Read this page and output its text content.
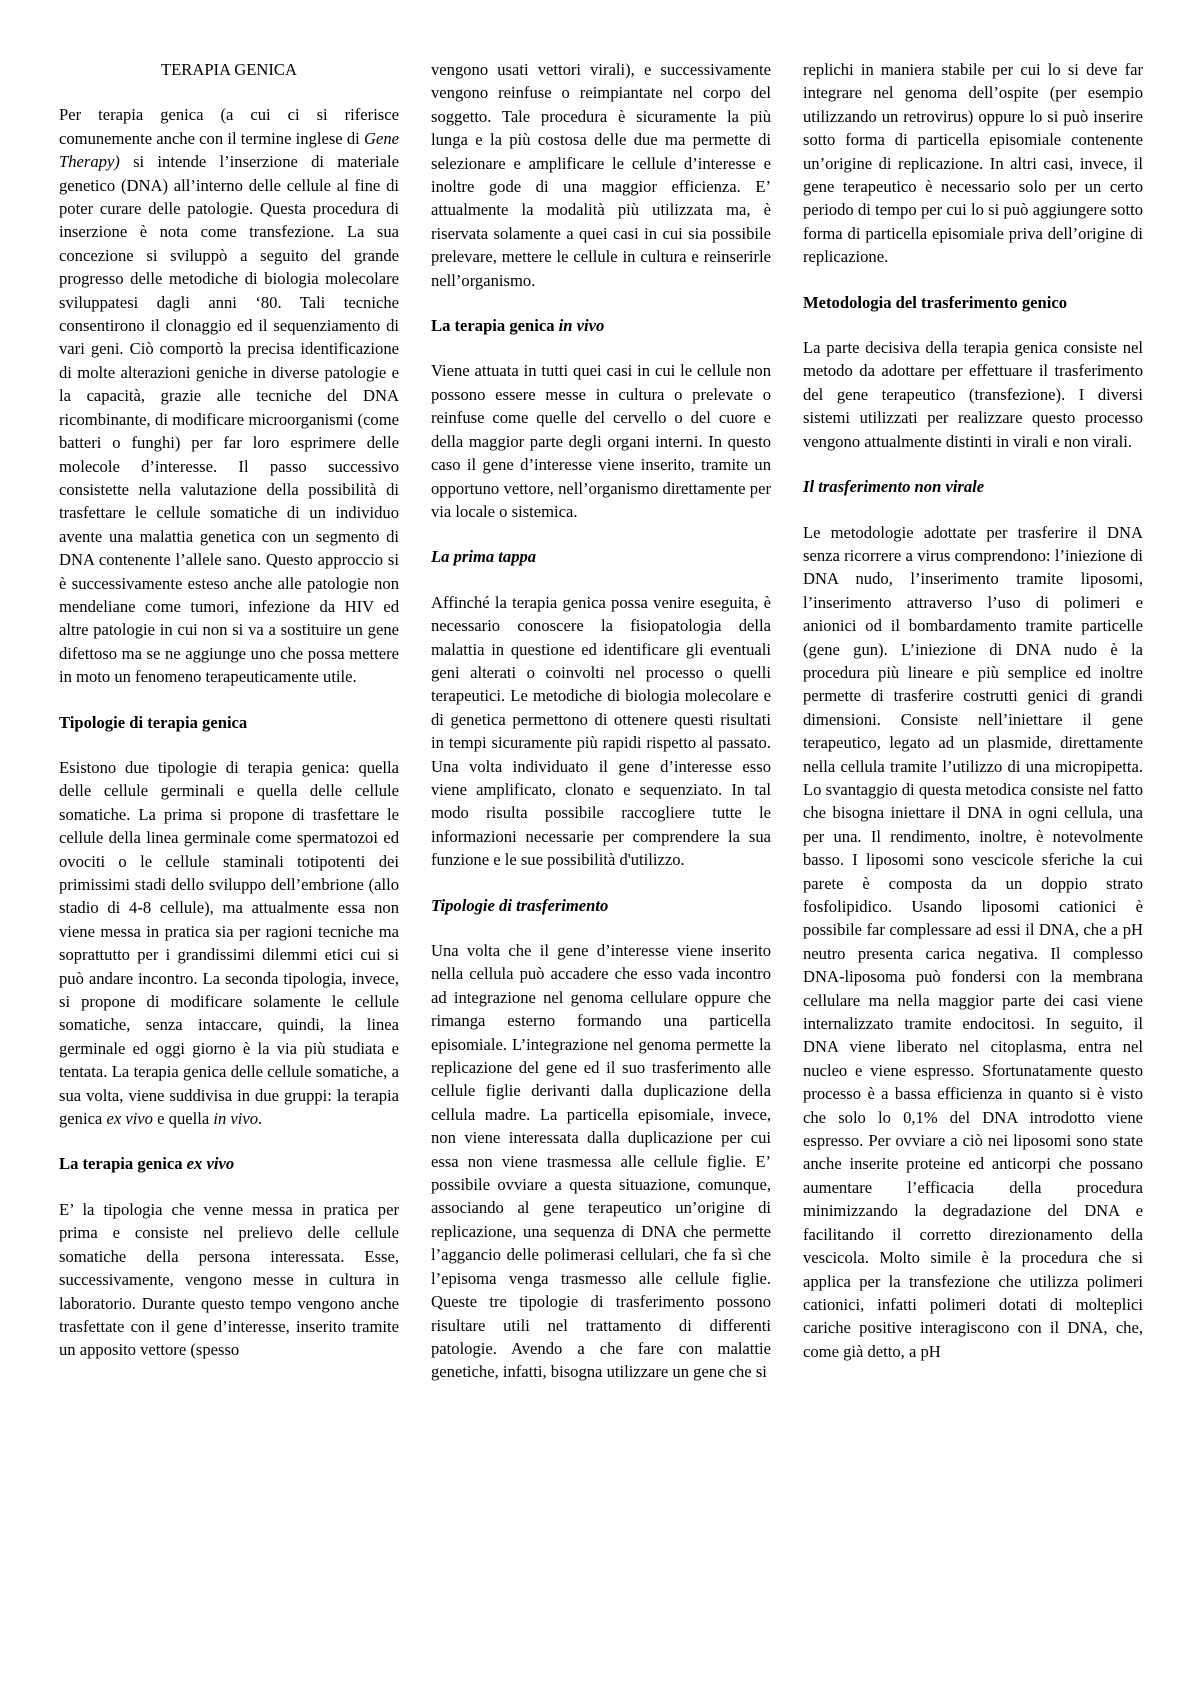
TERAPIA GENICA

Per terapia genica (a cui ci si riferisce comunemente anche con il termine inglese di Gene Therapy) si intende l’inserzione di materiale genetico (DNA) all’interno delle cellule al fine di poter curare delle patologie. Questa procedura di inserzione è nota come transfezione. La sua concezione si sviluppò a seguito del grande progresso delle metodiche di biologia molecolare sviluppatesi dagli anni ‘80. Tali tecniche consentirono il clonaggio ed il sequenziamento di vari geni. Ciò comportò la precisa identificazione di molte alterazioni geniche in diverse patologie e la capacità, grazie alle tecniche del DNA ricombinante, di modificare microorganismi (come batteri o funghi) per far loro esprimere delle molecole d’interesse. Il passo successivo consistette nella valutazione della possibilità di trasfettare le cellule somatiche di un individuo avente una malattia genetica con un segmento di DNA contenente l’allele sano. Questo approccio si è successivamente esteso anche alle patologie non mendeliane come tumori, infezione da HIV ed altre patologie in cui non si va a sostituire un gene difettoso ma se ne aggiunge uno che possa mettere in moto un fenomeno terapeuticamente utile.

Tipologie di terapia genica

Esistono due tipologie di terapia genica: quella delle cellule germinali e quella delle cellule somatiche. La prima si propone di trasfettare le cellule della linea germinale come spermatozoi ed ovociti o le cellule staminali totipotenti dei primissimi stadi dello sviluppo dell’embrione (allo stadio di 4-8 cellule), ma attualmente essa non viene messa in pratica sia per ragioni tecniche ma soprattutto per i grandissimi dilemmi etici cui si può andare incontro. La seconda tipologia, invece, si propone di modificare solamente le cellule somatiche, senza intaccare, quindi, la linea germinale ed oggi giorno è la via più studiata e tentata. La terapia genica delle cellule somatiche, a sua volta, viene suddivisa in due gruppi: la terapia genica ex vivo e quella in vivo.

La terapia genica ex vivo

E’ la tipologia che venne messa in pratica per prima e consiste nel prelievo delle cellule somatiche della persona interessata. Esse, successivamente, vengono messe in cultura in laboratorio. Durante questo tempo vengono anche trasfettate con il gene d’interesse, inserito tramite un apposito vettore (spesso

vengono usati vettori virali), e successivamente vengono reinfuse o reimpiantate nel corpo del soggetto. Tale procedura è sicuramente la più lunga e la più costosa delle due ma permette di selezionare e amplificare le cellule d’interesse e inoltre gode di una maggior efficienza. E’ attualmente la modalità più utilizzata ma, è riservata solamente a quei casi in cui sia possibile prelevare, mettere le cellule in cultura e reinserirle nell’organismo.

La terapia genica in vivo

Viene attuata in tutti quei casi in cui le cellule non possono essere messe in cultura o prelevate o reinfuse come quelle del cervello o del cuore e della maggior parte degli organi interni. In questo caso il gene d’interesse viene inserito, tramite un opportuno vettore, nell’organismo direttamente per via locale o sistemica.

La prima tappa

Affinché la terapia genica possa venire eseguita, è necessario conoscere la fisiopatologia della malattia in questione ed identificare gli eventuali geni alterati o coinvolti nel processo o quelli terapeutici. Le metodiche di biologia molecolare e di genetica permettono di ottenere questi risultati in tempi sicuramente più rapidi rispetto al passato. Una volta individuato il gene d’interesse esso viene amplificato, clonato e sequenziato. In tal modo risulta possibile raccogliere tutte le informazioni necessarie per comprendere la sua funzione e le sue possibilità d'utilizzo.

Tipologie di trasferimento

Una volta che il gene d’interesse viene inserito nella cellula può accadere che esso vada incontro ad integrazione nel genoma cellulare oppure che rimanga esterno formando una particella episomiale. L’integrazione nel genoma permette la replicazione del gene ed il suo trasferimento alle cellule figlie derivanti dalla duplicazione della cellula madre. La particella episomiale, invece, non viene interessata dalla duplicazione per cui essa non viene trasmessa alle cellule figlie. E’ possibile ovviare a questa situazione, comunque, associando al gene terapeutico un’origine di replicazione, una sequenza di DNA che permette l’aggancio delle polimerasi cellulari, che fa sì che l’episoma venga trasmesso alle cellule figlie. Queste tre tipologie di trasferimento possono risultare utili nel trattamento di differenti patologie. Avendo a che fare con malattie genetiche, infatti, bisogna utilizzare un gene che si

replichi in maniera stabile per cui lo si deve far integrare nel genoma dell’ospite (per esempio utilizzando un retrovirus) oppure lo si può inserire sotto forma di particella episomiale contenente un’origine di replicazione. In altri casi, invece, il gene terapeutico è necessario solo per un certo periodo di tempo per cui lo si può aggiungere sotto forma di particella episomiale priva dell’origine di replicazione.

Metodologia del trasferimento genico

La parte decisiva della terapia genica consiste nel metodo da adottare per effettuare il trasferimento del gene terapeutico (transfezione). I diversi sistemi utilizzati per realizzare questo processo vengono attualmente distinti in virali e non virali.

Il trasferimento non virale

Le metodologie adottate per trasferire il DNA senza ricorrere a virus comprendono: l’iniezione di DNA nudo, l’inserimento tramite liposomi, l’inserimento attraverso l’uso di polimeri e anionici od il bombardamento tramite particelle (gene gun). L’iniezione di DNA nudo è la procedura più lineare e più semplice ed inoltre permette di trasferire costrutti genici di grandi dimensioni. Consiste nell’iniettare il gene terapeutico, legato ad un plasmide, direttamente nella cellula tramite l’utilizzo di una micropipetta. Lo svantaggio di questa metodica consiste nel fatto che bisogna iniettare il DNA in ogni cellula, una per una. Il rendimento, inoltre, è notevolmente basso. I liposomi sono vescicole sferiche la cui parete è composta da un doppio strato fosfolipidico. Usando liposomi cationici è possibile far complessare ad essi il DNA, che a pH neutro presenta carica negativa. Il complesso DNA-liposoma può fondersi con la membrana cellulare ma nella maggior parte dei casi viene internalizzato tramite endocitosi. In seguito, il DNA viene liberato nel citoplasma, entra nel nucleo e viene espresso. Sfortunatamente questo processo è a bassa efficienza in quanto si è visto che solo lo 0,1% del DNA introdotto viene espresso. Per ovviare a ciò nei liposomi sono state anche inserite proteine ed anticorpi che possano aumentare l’efficacia della procedura minimizzando la degradazione del DNA e facilitando il corretto direzionamento della vescicola. Molto simile è la procedura che si applica per la transfezione che utilizza polimeri cationici, infatti polimeri dotati di molteplici cariche positive interagiscono con il DNA, che, come già detto, a pH
